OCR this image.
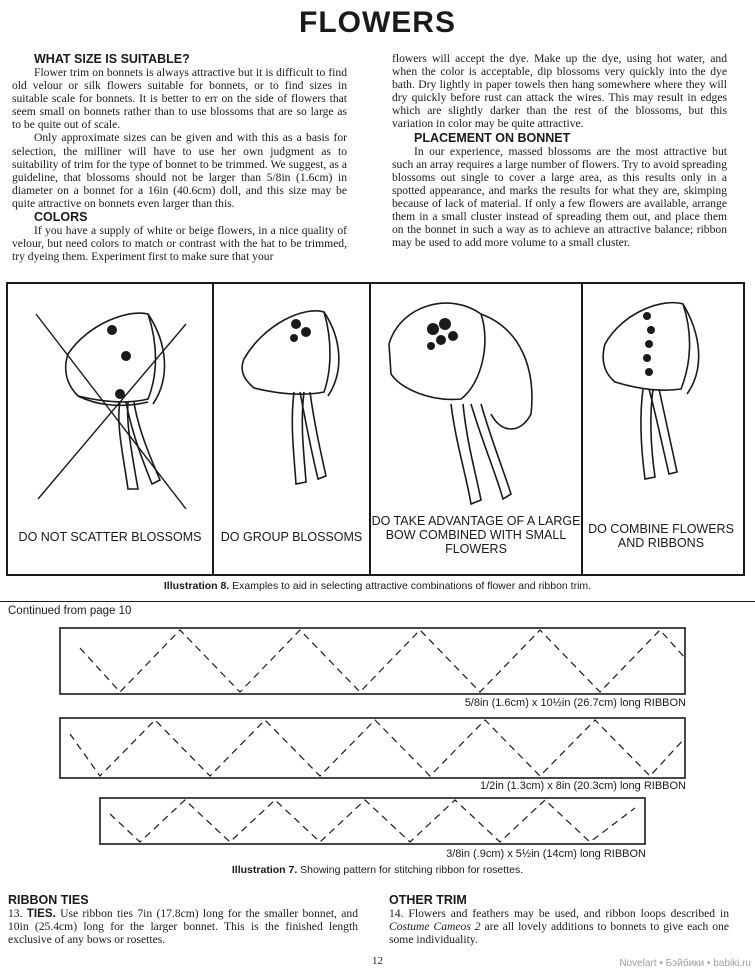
FLOWERS

WHAT SIZE IS SUITABLE?

Flower trim on bonnets is always attractive but it is difficult to find old velour or silk flowers suitable for bonnets, or to find sizes in suitable scale for bonnets. It is better to err on the side of flowers that seem small on bonnets rather than to use blossoms that are so large as to be quite out of scale.

Only approximate sizes can be given and with this as a basis for selection, the milliner will have to use her own judgment as to suitability of trim for the type of bonnet to be trimmed. We suggest, as a guideline, that blossoms should not be larger than 5/8in (1.6cm) in diameter on a bonnet for a 16in (40.6cm) doll, and this size may be quite attractive on bonnets even larger than this.

COLORS

If you have a supply of white or beige flowers, in a nice quality of velour, but need colors to match or contrast with the hat to be trimmed, try dyeing them. Experiment first to make sure that your

flowers will accept the dye. Make up the dye, using hot water, and when the color is acceptable, dip blossoms very quickly into the dye bath. Dry lightly in paper towels then hang somewhere where they will dry quickly before rust can attack the wires. This may result in edges which are slightly darker than the rest of the blossoms, but this variation in color may be quite attractive.

PLACEMENT ON BONNET

In our experience, massed blossoms are the most attractive but such an array requires a large number of flowers. Try to avoid spreading blossoms out single to cover a large area, as this results only in a spotted appearance, and marks the results for what they are, skimping because of lack of material. If only a few flowers are available, arrange them in a small cluster instead of spreading them out, and place them on the bonnet in such a way as to achieve an attractive balance; ribbon may be used to add more volume to a small cluster.

DO NOT SCATTER BLOSSOMS	DO GROUP BLOSSOMS
DO TAKE ADVANTAGE OF A LARGE BOW COMBINED WITH SMALL FLOWERS
DO COMBINE FLOWERS AND RIBBONS
Illustration 8. Examples to aid in selecting attractive combinations of flower and ribbon trim.
Continued from page 10
5/8in (1.6cm) x 10½in (26.7cm) long RIBBON
1/2in (1.3cm) x 8in (20.3cm) long RIBBON
3/8in (.9cm) x 5½in (14cm) long RIBBON
Illustration 7. Showing pattern for stitching ribbon for rosettes.

RIBBON TIES

13. TIES. Use ribbon ties 7in (17.8cm) long for the smaller bonnet, and 10in (25.4cm) long for the larger bonnet. This is the finished length exclusive of any bows or rosettes.

OTHER TRIM

14. Flowers and feathers may be used, and ribbon loops described in Costume Cameos 2 are all lovely additions to bonnets to give each one some individuality.
12	Novelart • Бэйбики • babiki.ru
